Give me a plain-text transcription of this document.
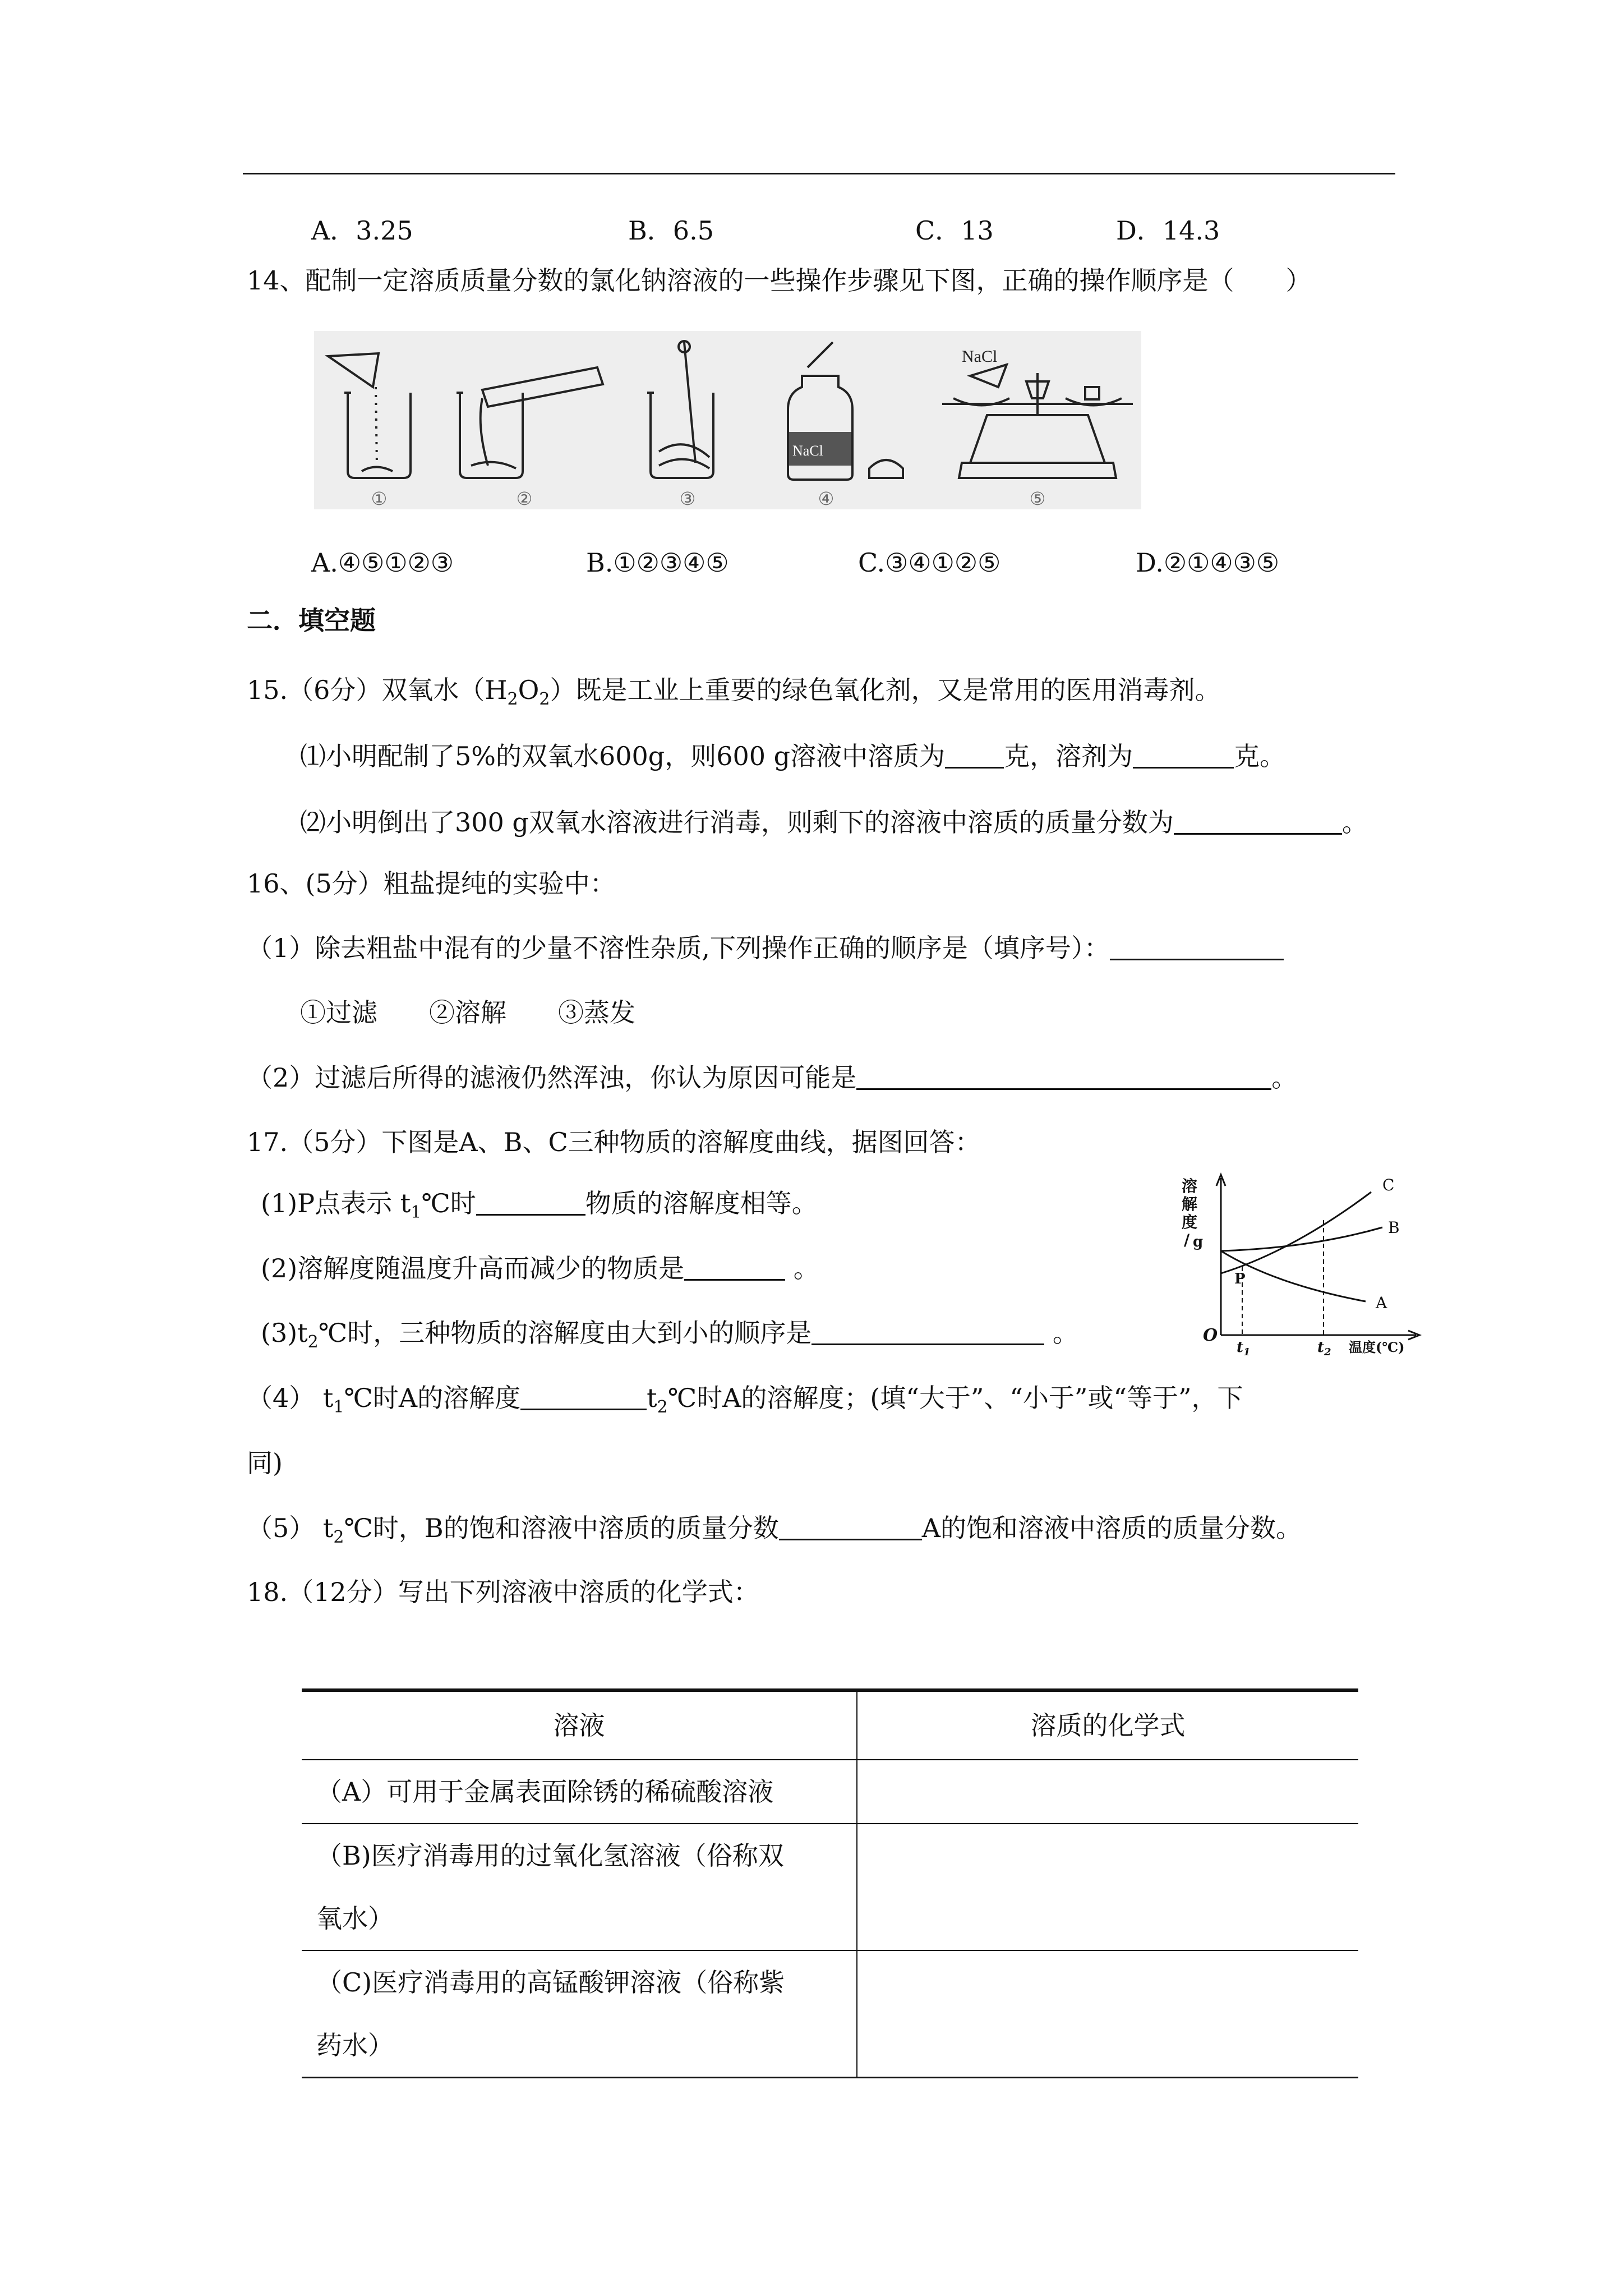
A．3.25	B．6.5	C．13	D．14.3
14、配制一定溶质质量分数的氯化钠溶液的一些操作步骤见下图，正确的操作顺序是（　　）
NaCl
NaCl
①	②	③	④	⑤
A.④⑤①②③	B.①②③④⑤	C.③④①②⑤	D.②①④③⑤
二．填空题
15.（6分）双氧水$(H_2O_2)$既是工业上重要的绿色氧化剂，又是常用的医用消毒剂。
⑴小明配制了5%的双氧水600g，则600 g溶液中溶质为 克，溶剂为	克。
⑵小明倒出了300 g双氧水溶液进行消毒，则剩下的溶液中溶质的质量分数为	。
16、(5分）粗盐提纯的实验中：
（1）除去粗盐中混有的少量不溶性杂质,下列操作正确的顺序是（填序号）：
①过滤　　②溶解　　③蒸发
（2）过滤后所得的滤液仍然浑浊，你认为原因可能是	。
17.（5分）下图是A、B、C三种物质的溶解度曲线，据图回答：
(1)P点表示 $t_1℃$时	物质的溶解度相等。
(2)溶解度随温度升高而减少的物质是	。
$(3)t_2℃$时，三种物质的溶解度由大到小的顺序是	。
（4） $t_1℃$时A的溶解度	$t_2℃$时A的溶解度；(填“大于”、“小于”或“等于”，下
同)
（5） $t_2℃$时，B的饱和溶液中溶质的质量分数	A的饱和溶液中溶质的质量分数。
溶
解
度
/ g
O
C
B
A
P
$t_1$	$t_2$ 温度(℃)
18.（12分）写出下列溶液中溶质的化学式：
溶液	溶质的化学式

（A）可用于金属表面除锈的稀硫酸溶液	

（B)医疗消毒用的过氧化氢溶液（俗称双
氧水）	

（C)医疗消毒用的高锰酸钾溶液（俗称紫
药水）	
